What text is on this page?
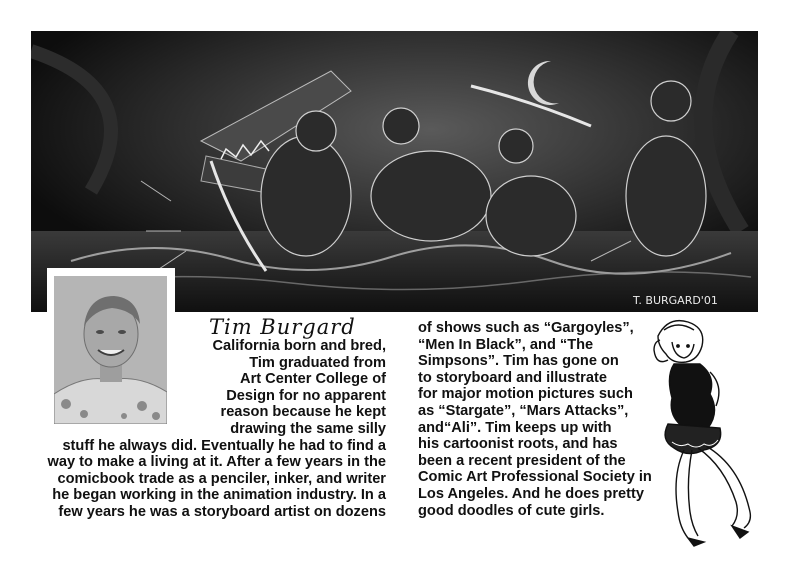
T. BURGARD'01
Tim Burgard
California born and bred,
Tim graduated from
Art Center College of
Design for no apparent
reason because he kept
drawing the same silly
stuff he always did. Eventually he had to find a
way to make a living at it. After a few years in the
comicbook trade as a penciler, inker, and writer
he began working in the animation industry. In a
few years he was a storyboard artist on dozens
of shows such as “Gargoyles”,
“Men In Black”, and “The
Simpsons”. Tim has gone on
to storyboard and illustrate
for major motion pictures such
as “Stargate”, “Mars Attacks”,
and“Ali”. Tim keeps up with
his cartoonist roots, and has
been a recent president of the
Comic Art Professional Society in
Los Angeles. And he does pretty
good doodles of cute girls.
